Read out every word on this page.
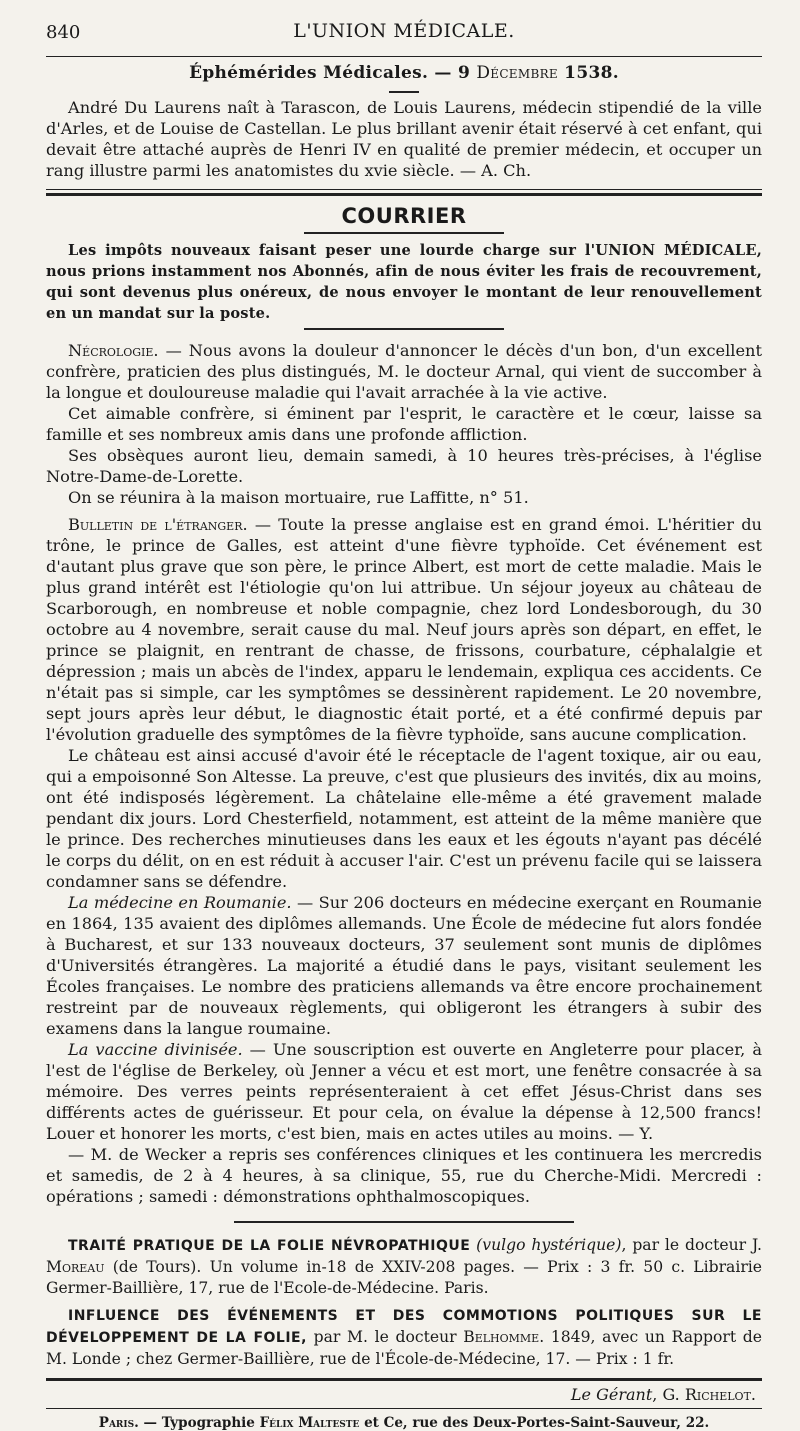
840	L'UNION MÉDICALE.
Éphémérides Médicales. — 9 Décembre 1538.
André Du Laurens naît à Tarascon, de Louis Laurens, médecin stipendié de la ville d'Arles, et de Louise de Castellan. Le plus brillant avenir était réservé à cet enfant, qui devait être attaché auprès de Henri IV en qualité de premier médecin, et occuper un rang illustre parmi les anatomistes du xvie siècle. — A. Ch.
COURRIER
Les impôts nouveaux faisant peser une lourde charge sur l'UNION MÉDICALE, nous prions instamment nos Abonnés, afin de nous éviter les frais de recouvrement, qui sont devenus plus onéreux, de nous envoyer le montant de leur renouvellement en un mandat sur la poste.

Nécrologie. — Nous avons la douleur d'annoncer le décès d'un bon, d'un excellent confrère, praticien des plus distingués, M. le docteur Arnal, qui vient de succomber à la longue et douloureuse maladie qui l'avait arrachée à la vie active.

Cet aimable confrère, si éminent par l'esprit, le caractère et le cœur, laisse sa famille et ses nombreux amis dans une profonde affliction.

Ses obsèques auront lieu, demain samedi, à 10 heures très-précises, à l'église Notre-Dame-de-Lorette.

On se réunira à la maison mortuaire, rue Laffitte, n° 51.

Bulletin de l'étranger. — Toute la presse anglaise est en grand émoi. L'héritier du trône, le prince de Galles, est atteint d'une fièvre typhoïde. Cet événement est d'autant plus grave que son père, le prince Albert, est mort de cette maladie. Mais le plus grand intérêt est l'étiologie qu'on lui attribue. Un séjour joyeux au château de Scarborough, en nombreuse et noble compagnie, chez lord Londesborough, du 30 octobre au 4 novembre, serait cause du mal. Neuf jours après son départ, en effet, le prince se plaignit, en rentrant de chasse, de frissons, courbature, céphalalgie et dépression ; mais un abcès de l'index, apparu le lendemain, expliqua ces accidents. Ce n'était pas si simple, car les symptômes se dessinèrent rapidement. Le 20 novembre, sept jours après leur début, le diagnostic était porté, et a été confirmé depuis par l'évolution graduelle des symptômes de la fièvre typhoïde, sans aucune complication.

Le château est ainsi accusé d'avoir été le réceptacle de l'agent toxique, air ou eau, qui a empoisonné Son Altesse. La preuve, c'est que plusieurs des invités, dix au moins, ont été indisposés légèrement. La châtelaine elle-même a été gravement malade pendant dix jours. Lord Chesterfield, notamment, est atteint de la même manière que le prince. Des recherches minutieuses dans les eaux et les égouts n'ayant pas décélé le corps du délit, on en est réduit à accuser l'air. C'est un prévenu facile qui se laissera condamner sans se défendre.

La médecine en Roumanie. — Sur 206 docteurs en médecine exerçant en Roumanie en 1864, 135 avaient des diplômes allemands. Une École de médecine fut alors fondée à Bucharest, et sur 133 nouveaux docteurs, 37 seulement sont munis de diplômes d'Universités étrangères. La majorité a étudié dans le pays, visitant seulement les Écoles françaises. Le nombre des praticiens allemands va être encore prochainement restreint par de nouveaux règlements, qui obligeront les étrangers à subir des examens dans la langue roumaine.

La vaccine divinisée. — Une souscription est ouverte en Angleterre pour placer, à l'est de l'église de Berkeley, où Jenner a vécu et est mort, une fenêtre consacrée à sa mémoire. Des verres peints représenteraient à cet effet Jésus-Christ dans ses différents actes de guérisseur. Et pour cela, on évalue la dépense à 12,500 francs! Louer et honorer les morts, c'est bien, mais en actes utiles au moins. — Y.

— M. de Wecker a repris ses conférences cliniques et les continuera les mercredis et samedis, de 2 à 4 heures, à sa clinique, 55, rue du Cherche-Midi. Mercredi : opérations ; samedi : démonstrations ophthalmoscopiques.

TRAITÉ PRATIQUE DE LA FOLIE NÉVROPATHIQUE (vulgo hystérique), par le docteur J. Moreau (de Tours). Un volume in-18 de XXIV-208 pages. — Prix : 3 fr. 50 c. Librairie Germer-Baillière, 17, rue de l'Ecole-de-Médecine. Paris.

INFLUENCE DES ÉVÉNEMENTS ET DES COMMOTIONS POLITIQUES SUR LE DÉVELOPPEMENT DE LA FOLIE, par M. le docteur Belhomme. 1849, avec un Rapport de M. Londe ; chez Germer-Baillière, rue de l'École-de-Médecine, 17. — Prix : 1 fr.

Le Gérant, G. Richelot.
Paris. — Typographie Félix Malteste et Ce, rue des Deux-Portes-Saint-Sauveur, 22.
